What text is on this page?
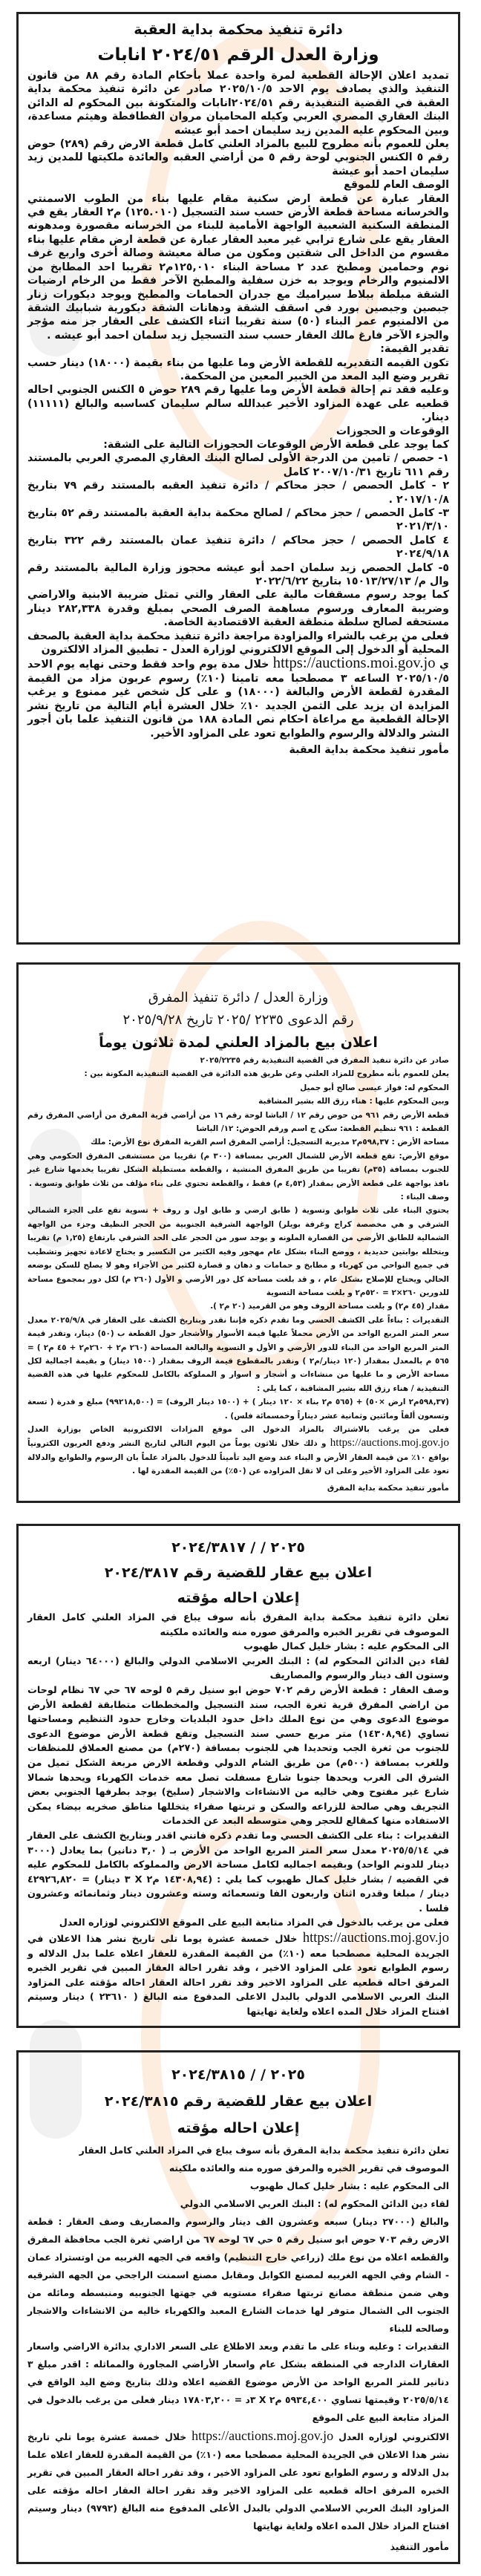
دائرة تنفيذ محكمة بداية العقبة

وزارة العدل الرقم ٢٠٢٤/٥١ انابات

تمديد اعلان الإحالة القطعية لمرة واحدة عملا بأحكام المادة رقم ٨٨ من قانون التنفيذ والذي يصادف يوم الاحد ٢٠٢٥/١٠/٥ صادر عن دائرة تنفيذ محكمة بداية العقبة في القضية التنفيذية رقم ٢٠٢٤/٥١انابات والمتكونة بين المحكوم له الدائن البنك العقاري المصري العربي وكيله المحاميان مروان الفطافطة وهيثم مساعدة، وبين المحكوم عليه المدين زيد سليمان احمد أبو عيشه

يعلن للعموم بأنه مطروح للبيع بالمزاد العلني كامل قطعة الارض رقم (٢٨٩) حوض رقم ٥ الكنس الجنوبي لوحة رقم ٥ من أراضي العقبه والعائدة ملكيتها للمدين زيد سليمان احمد أبو عيشة

الوصف العام للموقع

العقار عبارة عن قطعة ارض سكنية مقام عليها بناء من الطوب الاسمنتي والخرسانه مساحة قطعة الأرض حسب سند التسجيل (١٢٥.٠١٠) م٢ العقار يقع في المنطقة السكنية الشعبية الواجهة الأمامية للبناء من الخرسانه مقصورة ومدهونه العقار يقع على شارع ترابي غير معبد العقار عبارة عن قطعة ارض مقام عليها بناء مقسوم من الداخل الى شقتين ومكون من صالة معيشة وصالة أخرى واربع غرف نوم وحمامين ومطبخ عدد ٢ مساحة البناء ١٢٥,٠١٠م٢ تقريبا احد المطابخ من الالمنيوم والرخام ويوجد به خزن سفلية والمطبخ الآخر فقط من الرخام ارضيات الشقة مبلطة ببلاط سيراميك مع جدران الحمامات والمطبخ ويوجد ديكورات زنار جبصين وجبصين بورد في اسقف الشقة ودهانات الشقة ديكورية شبابيك الشقة من الالمنيوم عمر البناء (٥٠) سنة تقريبا اثناء الكشف على العقار جز منه مؤجر والجزء الآخر فارغ مالك العقار حسب سند التسجيل زيد سلمان احمد أبو عيشه .

تقدير القيمة:

تكون القيمه التقديريه للقطعة الأرض وما عليها من بناء بقيمة (١٨٠٠٠) دينار حسب تقرير وضع اليد المعد من الخبير المعين من المحكمة.

وعليه فقد تم إحالة قطعة الأرض وما عليها رقم ٢٨٩ حوض ٥ الكنس الجنوبي احاله قطعيه على عهدة المزاود الأخير عبدالله سالم سليمان كساسبه والبالغ (١١١١١) دينار.

الوقوعات و الحجوزات

كما يوجد على قطعة الأرض الوقوعات الحجوزات التالية على الشقة:

١- حصص / تامين من الدرجة الأولى لصالح البنك العقاري المصري العربي بالمستند رقم ٦١١ تاريخ ٢٠٠٧/١٠/٣١ كامل

٢ - كامل الحصص / حجز محاكم / دائرة تنفيذ العقبه بالمستند رقم ٧٩ بتاريخ ٢٠١٧/١٠/٨ .

٣- كامل الحصص / حجز محاكم / لصالح محكمة بداية العقبة بالمستند رقم ٥٢ بتاريخ ٢٠٢١/٣/١٠

٤ كامل الحصص / حجز محاكم / دائرة تنفيذ عمان بالمستند رقم ٣٢٢ بتاريخ ٢٠٢٤/٩/١٨

٥- كامل الحصص زيد سلمان احمد أبو عيشه محجوز وزارة المالية بالمستند رقم وال م/ ١٥٠١٣/٢٧/١٣ بتاريخ ٢٠٢٢/٦/٢٢

كما يوجد رسوم مسقفات مالية على العقار والتي تمثل ضريبة الابنية والاراضي وضريبة المعارف ورسوم مساهمة الصرف الصحي بمبلغ وقدرة ٢٨٢,٣٣٨ دينار مستحقه لصالح سلطة منطقة العقبة الاقتصادية الخاصة.

فعلى من يرغب بالشراء والمزاودة مراجعة دائرة تنفيذ محكمة بداية العقبة بالصحف المحلية أو الدخول إلى الموقع الالكتروني لوزارة العدل - تطبيق المزاد الالكترون

ي https://auctions.moi.gov.jo خلال مدة يوم واحد فقط وحتى نهايه يوم الاحد ٢٠٢٥/١٠/٥ الساعه ٣ مصطحبا معه تامينا (١٠٪) رسوم عربون مزاد من القيمة المقدرة لقطعة الأرض والبالغة (١٨٠٠٠) و على كل شخص غير ممنوع و يرغب المزايدة ان يزيد على الثمن الجديد ١٠٪ خلال العشرة أيام التالية من تاريخ نشر الإحالة القطعية مع مراعاة احكام نص المادة ١٨٨ من قانون التنفيذ علما بان أجور النشر والدلالة والرسوم والطوابع تعود على المزاود الأخير.

مأمور تنفيذ محكمة بداية العقبة

وزارة العدل / دائرة تنفيذ المفرق

رقم الدعوى ٢٢٣٥ /٢٠٢٥ تاريخ ٢٠٢٥/٩/٢٨

اعلان بيع بالمزاد العلني لمدة ثلاثون يوماً

صادر عن دائرة تنفيذ المفرق في القضية التنفيذية رقم ٢٠٢٥/٢٢٣٥

يعلن للعموم بأنه مطروح للمزاد العلني وعن طريق هذه الدائرة في القضية التنفيذية المكونة بين :

المحكوم له: فواز عيسى صالح أبو جميل

وبين المحكوم عليها : هناء رزق الله بشير المشاقبة

قطعة الأرض رقم ٩٦١ من حوض رقم ١٢ / الباشا لوحة رقم ١٦ من أراضي قرية المفرق من أراضي المفرق رقم القطعة : ٩٦١ تنظيم القطعة: سكن ج اسم ورقم الحوض: ١٢/ الباشا

مساحة الأرض : ٥٩٨,٣٧م٢ مديرية التسجيل: أراضي المفرق اسم القرية المفرق نوع الأرض: ملك

موقع الأرض: تقع قطعة الأرض للشمال الغربي بمسافة (٣٠٠ م) تقريبا من مستشفى المفرق الحكومي وهي للجنوب بمسافة (٣٥م) تقريبا من طريق المفرق المنشية ، والقطعة مستطيلة الشكل تقريبا يخدمها شارع غير نافذ بواجهة على قطعة الأرض بمقدار (٤,٥٣ م) فقط ، والقطعة تحتوي على بناء مؤلف من ثلاث طوابق وتسوية .

وصف البناء :

يحتوي البناء على ثلاث طوابق وتسوية ( طابق ارضي و طابق اول و روف + تسوية تقع على الجزء الشمالي الشرقي و هي مخصصة كراج وغرفة بويلر) الواجهة الشرقية الجنوبية من الحجر النظيف وجزء من الواجهة الشمالية للطابق الأرضي من القصارة الملونه و يوجد سور من الحجر على الحد الشرقي بارتفاع (١,٢٥ م) تقريبا ويتخلله بوابتين حديدية ، ووضع البناء بشكل عام مهجور وفيه الكثير من التكسير و يحتاج لاعادة تجهيز وتشطيب في جميع النواحي من كهرباء و مطابخ و حمامات و دهان و قصارة لكثير من الأجزاء وهو لا يصلح للسكن بوضعه الحالي ويحتاج للإصلاح بشكل عام ، و قد بلغت مساحة كل دور الأرضي و الأول (٢٦٠ م) لكل دور بمجموع مساحة للدورين ٢٦٠×٢ = ٥٢٠م٢ و بلغت مساحة التسوية

مقدار (٤٥ م٢) و بلغت مساحة الروف وهو من القرميد (٢٠ م٢ ).

التقديرات : بناءاً على الكشف الحسي وما تقدم ذكره فإننا نقدر وبتاريخ الكشف على العقار في ٢٠٢٥/٩/٨ معدل سعر المتر المربع الواحد من الأرض محملاً عليها قيمة الأسوار والأشجار حول القطعة ب (٥٠) دينار، وتقدر قيمة المتر المربع الواحد من البناء للدور الأرضي و الأول و التسوية والبالغة المساحة (٢٦٠ م٢ + ٢٦٠م٢ + ٤٥ م٢ ) = ٥٦٥ م بالمعدل بمقدار (١٢٠ دينار/م٢ ) ونقدر بالمقطوع قيمة الروف بمقدار (١٥٠٠ دينار) و بقيمة اجمالية لكل مساحة الأرض و ما عليها من منشاءات و أشجار و اسوار و المملوكة بالكامل للمحكوم عليها في هذه القضية التنفيذية / هناء رزق الله بشير المشاقبة ، كما يلي :

(٥٩٨,٣٧م٢ ارض ×٥٠) + (٥٦٥ م٢ بناء × ١٢٠ دينار ) + (١٥٠٠ دينار الروف) = (٩٩٢١٨,٥٠٠) مبلغ و قدرة ( تسعة وتسعون ألفاً ومائتين وثمانية عشر ديناراً وخمسمائة فلس) .

فعلى من يرغب بالاشتراك بالمزاد الدخول الى موقع المزادات الالكترونية الخاص بوزارة العدل https://auctions.moj.gov.jo و ذلك خلال ثلاثون يوماً من اليوم التالي لتاريخ النشر ودفع العربون الكترونياً بواقع ١٠٪ من قيمة العقار الأرض و البناء عند وضع اليد تأميناً للدخول بالمزاد علماً بان الرسوم والطوابع والدلالة تعود على المزاود الأخير وعلى ان لا تقل المزاوده عن (٥٠٪) من القيمة المقدرة لها .

مأمور تنفيذ محكمة بداية المفرق

٢٠٢٥ / / ٢٠٢٤/٣٨١٧

اعلان بيع عقار للقضية رقم ٢٠٢٤/٣٨١٧

إعلان احاله مؤقته

تعلن دائرة تنفيذ محكمة بداية المفرق بأنه سوف يباع في المزاد العلني كامل العقار الموصوف في تقرير الخبره والمرفق صوره منه والعائده ملكيته

الى المحكوم عليه : بشار خليل كمال طهبوب

لقاء دين الدائن المحكوم له) : البنك العربي الاسلامي الدولي والبالغ (٦٤٠٠٠ دينار) اربعه وستون الف دينار والرسوم والمصاريف

وصف العقار : قطعة الأرض رقم ٧٠٢ حوض ابو سنيل رقم ٥ لوحه ٦٧ حي ٦٧ نظام لوحات من اراضي المفرق قرية ثغرة الجب، سند التسجيل والمخططات متطابقة لقطعة الأرض موضوع الدعوى وهي من نوع الملك داخل حدود البلديات وخارج حدود التنظيم ومساحتها تساوي (١٤٣٠٨,٩٤) متر مربع حسي سند التسجيل وتقع قطعة الأرض موضوع الدعوى للجنوب من ثغرة الجب وتحديدا هي للجنوب بمسافة (٢٧٠م) من مصنع العملاق للمنظفات وللغرب بمسافة (٥٠٠م) من طريق الشام الدولي وقطعة الارض مربعة الشكل تميل من الشرق الى الغرب ويحدها جنوبا شارع مسفلت تصل معه خدمات الكهرباء ويحدها شمالا شارع غير مفتوح وهي خاليه من الانشاءات والاشجار (سليخ) يوجد بطرفها الجنوبي بعض التجريف وهي صالحة للزراعه والسكن و تربتها صفراء يتخللها مناطق صخريه بيضاء يمكن الاستفاده منها كمقالع للحجر وهي متوسطه البعد عن الخدمات

التقديرات : بناء على الكشف الحسي وما تقدم ذكره فانني اقدر وبتاريخ الكشف على العقار في ٢٠٢٥/٥/١٤ معدل سعر المتر المربع الواحد من الأرض بـ ( ٣,٠ دنانير) بما يعادل (٣٠٠٠ دينار للدونم الواحد) وبقيمه اجماليه لكامل مساحة الارض والمملوكه بالكامل للمحكوم عليه في القضيه / بشار خليل كمال طهبوب كما يلي : (١٤٣٠٨,٩٤ م٢ X ٣ دينار) = ٤٢٩٢٦,٨٢٠ دينار / مبلغا وقدره اثنان واربعون الفا وتسعمائه وسته وعشرون دينار وثمانمائه وعشرون فلسا .

فعلى من يرغب بالدخول في المزاد متابعة البيع على الموقع الالكتروني لوزاره العدل

https://auctions.moj.gov.jo خلال خمسة عشرة يوما تلى تاريخ نشر هذا الاعلان في الجريدة المحلية مصطحبا معه (١٠٪) من القيمة المقدرة للعقار اعلاه علما بدل الدلاله و رسوم الطوابع تعود على المزاود الاخير ، وقد تقرر احالة العقار المبين في تقرير الخبره المرفق احاله قطعيه على المزاود الاخير وقد تقرر احالة العقار احاله مؤقته على المزاود البنك العربي الاسلامي الدولي بالبدل الاعلى المدفوع منه البالغ ( ٢٣٦١٠ ) دينار وسيتم افتتاح المزاد خلال المده اعلاه ولغاية نهايتها

٢٠٢٥ / / ٢٠٢٤/٣٨١٥

اعلان بيع عقار للقضية رقم ٢٠٢٤/٣٨١٥

إعلان احاله مؤقته

تعلن دائرة تنفيذ محكمة بداية المفرق بأنه سوف يباع في المزاد العلني كامل العقار

الموصوف في تقرير الخبره والمرفق صوره منه والعائده ملكيته

الى المحكوم عليه : بشار خليل كمال طهبوب

لقاء دين الدائن المحكوم له) : البنك العربي الاسلامي الدولي

والبالغ (٢٧٠٠٠ دينار) سبعه وعشرون الف دينار والرسوم والمصاريف وصف العقار : قطعة الارض رقم ٧٠٣ حوض ابو سنيل رقم ٥ حي ٦٧ لوحه ٦٧ من اراضي ثغرة الجب محافظة المفرق والقطعه اعلاه من نوع ملك (زراعي خارج التنظيم) واقعه في الجهه الغربيه من اوتستراد عمان - الشام وفي الجهه الغربيه لمصنع الكوابل ومقابل مصنع اسمنت الراجحي من الجهه الشرقيه وهي ضمن منطقة مصانع تربتها صفراء مستويه في جهتها الجنوبيه ومنبسطه ومائله من الجنوب الى الشمال متوفر لها خدمات الشارع المعبد والكهرباء خاليه من الانشاءات والاشجار وصالحه للبناء

التقديرات : وعليه وبناء على ما تقدم وبعد الاطلاع على السعر الاداري بدائرة الاراضي واسعار العقارات الدارجه في المنطقه بشكل عام واسعار الأراضي المجاورة والمماثله : اقدر مبلغ ٣ دنانير للمتر المربع الواحد من الأرض موضوع القضيه اعلاه وذلك بتاريخ وضع اليد الواقع في ٢٠٢٥/٥/١٤ وقيمتها تساوي ٥٩٣٤,٤٠٠ م٢ X ٣د = ١٧٨٠٣,٢٠٠ دينار فعلى من يرغب بالدخول في المزاد متابعة البيع على الموقع

الالكتروني لوزاره العدل https://auctions.moj.gov.jo خلال خمسة عشرة يوما تلي تاريخ نشر هذا الاعلان في الجريدة المحلية مصطحبا معه (١٠٪) من القيمة المقدرة للعقار اعلاه علما بدل الدلاله و رسوم الطوابع تعود على المزاود الاخير ، وقد تقرر احالة العقار المبين في تقرير الخبره المرفق احاله قطعيه على المزاود الاخير وقد تقرر احالة العقار احاله مؤقته على المزاود البنك العربي الاسلامي الدولي بالبدل الأعلى المدفوع منه البالغ (٩٧٩٢) دينار وسيتم افتتاح المزاد خلال المده اعلاه ولغاية نهايتها

مأمور التنفيذ
